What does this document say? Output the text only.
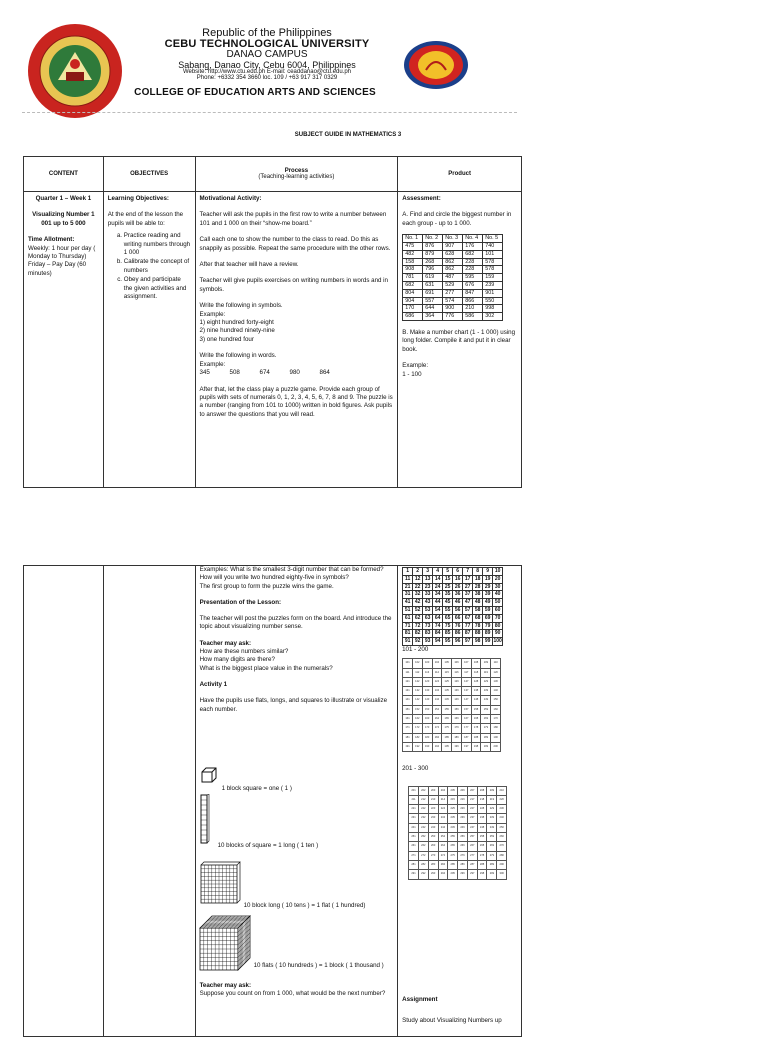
Republic of the Philippines
CEBU TECHNOLOGICAL UNIVERSITY
DANAO CAMPUS
Sabang, Danao City, Cebu 6004, Philippines
Website: http://www.ctu.edu.ph E-mail: ceaddanao@ctu.edu.ph
Phone: +6332 354 3660 loc. 109 / +63 917 317 0329
COLLEGE OF EDUCATION ARTS AND SCIENCES
SUBJECT GUIDE IN MATHEMATICS 3
CONTENT	OBJECTIVES	Process
(Teaching-learning activities)	Product

Quarter 1 – Week 1
Visualizing Number 1 001 up to 5 000
Time Allotment:
Weekly: 1 hour per day ( Monday to Thursday)
Friday – Pay Day (60 minutes)

Learning Objectives:
At the end of the lesson the pupils will be able to:
a. Practice reading and writing numbers through 1 000
b. Calibrate the concept of numbers
c. Obey and participate the given activities and assignment.

Motivational Activity:
Teacher will ask the pupils in the first row to write a number between 101 and 1 000 on their “show-me board.”
Call each one to show the number to the class to read. Do this as snappily as possible. Repeat the same procedure with the other rows.
After that teacher will have a review.
Teacher will give pupils exercises on writing numbers in words and in symbols.
Write the following in symbols.
Example:
1) eight hundred forty-eight
2) nine hundred ninety-nine
3) one hundred four
Write the following in words.
Example:
345	508	674	980	864
After that, let the class play a puzzle game. Provide each group of pupils with sets of numerals 0, 1, 2, 3, 4, 5, 6, 7, 8 and 9. The puzzle is a number (ranging from 101 to 1000) written in bold figures. Ask pupils to answer the questions that you will read.

Assessment:
A. Find and circle the biggest number in each group - up to 1 000.
No. 1	No. 2	No. 3	No. 4	No. 5
475	876	907	176	740
482	879	628	682	101
158	268	862	228	578
908	796	862	228	578
781	619	487	595	159
682	631	529	676	239
804	691	277	847	901
904	557	574	866	550
170	644	900	210	998
686	364	776	586	302
B. Make a number chart (1 - 1 000) using long folder. Compile it and put it in clear book.
Example:
1 - 100

Examples: What is the smallest 3-digit number that can be formed? How will you write two hundred eighty-five in symbols?
The first group to form the puzzle wins the game.
Presentation of the Lesson:
The teacher will post the puzzles form on the board. And introduce the topic about visualizing number sense.
Teacher may ask:
How are these numbers similar?
How many digits are there?
What is the biggest place value in the numerals?
Activity 1
Have the pupils use flats, longs, and squares to illustrate or visualize each number.
1 block square = one ( 1 )
10 blocks of square = 1 long ( 1 ten )
10 block long ( 10 tens ) = 1 flat ( 1 hundred)
10 flats ( 10 hundreds ) = 1 block ( 1 thousand )
Teacher may ask:
Suppose you count on from 1 000, what would be the next number?

1	2	3	4	5	6	7	8	9	10
11	12	13	14	15	16	17	18	19	20
21	22	23	24	25	26	27	28	29	30
31	32	33	34	35	36	37	38	39	40
41	42	43	44	45	46	47	48	49	50
51	52	53	54	55	56	57	58	59	60
61	62	63	64	65	66	67	68	69	70
71	72	73	74	75	76	77	78	79	80
81	82	83	84	85	86	87	88	89	90
91	92	93	94	95	96	97	98	99	100
101 - 200
101	102	103	104	105	106	107	108	109	110
111	112	113	114	115	116	117	118	119	120
121	122	123	124	125	126	127	128	129	130
131	132	133	134	135	136	137	138	139	140
141	142	143	144	145	146	147	148	149	150
151	152	153	154	155	156	157	158	159	160
161	162	163	164	165	166	167	168	169	170
171	172	173	174	175	176	177	178	179	180
181	182	183	184	185	186	187	188	189	190
191	192	193	194	195	196	197	198	199	200
201 - 300
201	202	203	204	205	206	207	208	209	210
211	212	213	214	215	216	217	218	219	220
221	222	223	224	225	226	227	228	229	230
231	232	233	234	235	236	237	238	239	240
241	242	243	244	245	246	247	248	249	250
251	252	253	254	255	256	257	258	259	260
261	262	263	264	265	266	267	268	269	270
271	272	273	274	275	276	277	278	279	280
281	282	283	284	285	286	287	288	289	290
291	292	293	294	295	296	297	298	299	300
Assignment
Study about Visualizing Numbers up
